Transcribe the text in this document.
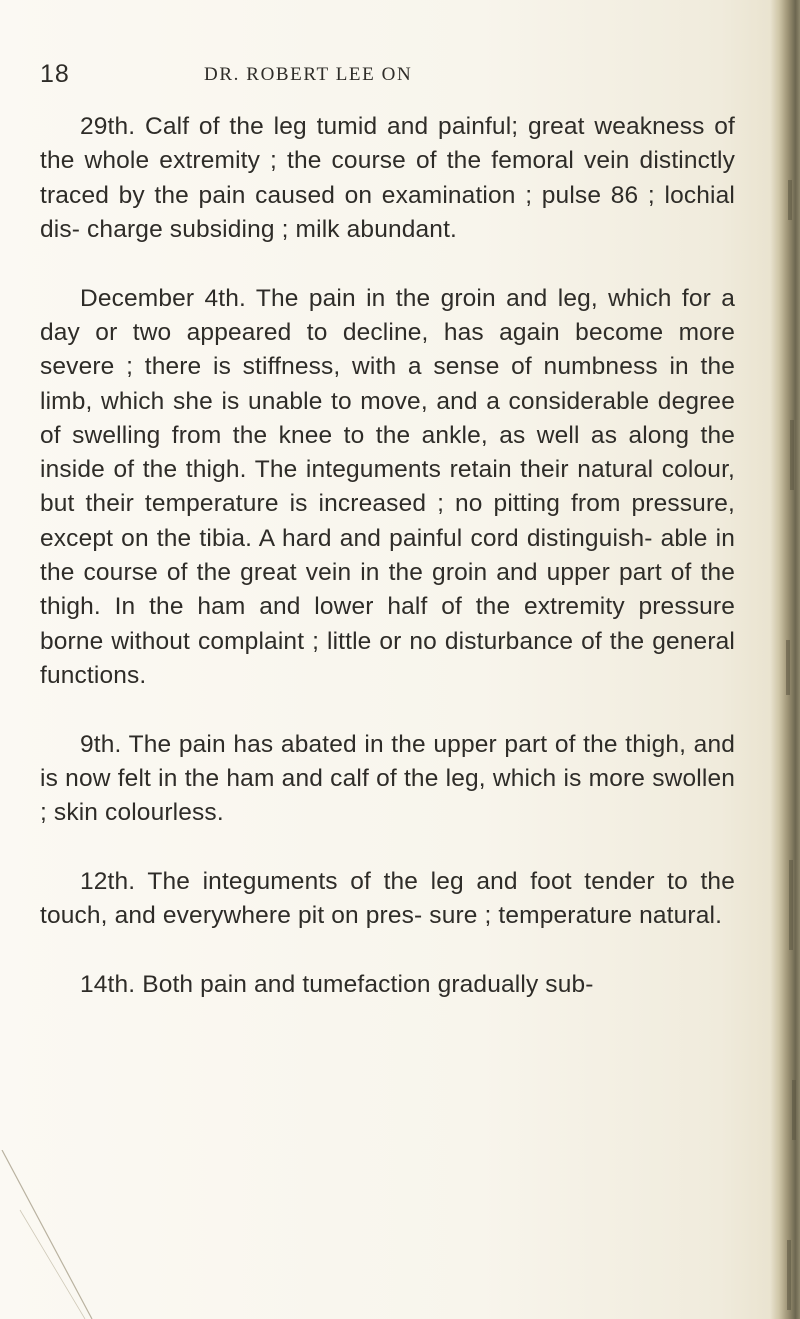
18	DR. ROBERT LEE ON

29th. Calf of the leg tumid and painful; great weakness of the whole extremity ; the course of the femoral vein distinctly traced by the pain caused on examination ; pulse 86 ; lochial dis- charge subsiding ; milk abundant.

December 4th. The pain in the groin and leg, which for a day or two appeared to decline, has again become more severe ; there is stiffness, with a sense of numbness in the limb, which she is unable to move, and a considerable degree of swelling from the knee to the ankle, as well as along the inside of the thigh. The integuments retain their natural colour, but their temperature is increased ; no pitting from pressure, except on the tibia. A hard and painful cord distinguish- able in the course of the great vein in the groin and upper part of the thigh. In the ham and lower half of the extremity pressure borne without complaint ; little or no disturbance of the general functions.

9th. The pain has abated in the upper part of the thigh, and is now felt in the ham and calf of the leg, which is more swollen ; skin colourless.

12th. The integuments of the leg and foot tender to the touch, and everywhere pit on pres- sure ; temperature natural.

14th. Both pain and tumefaction gradually sub-
